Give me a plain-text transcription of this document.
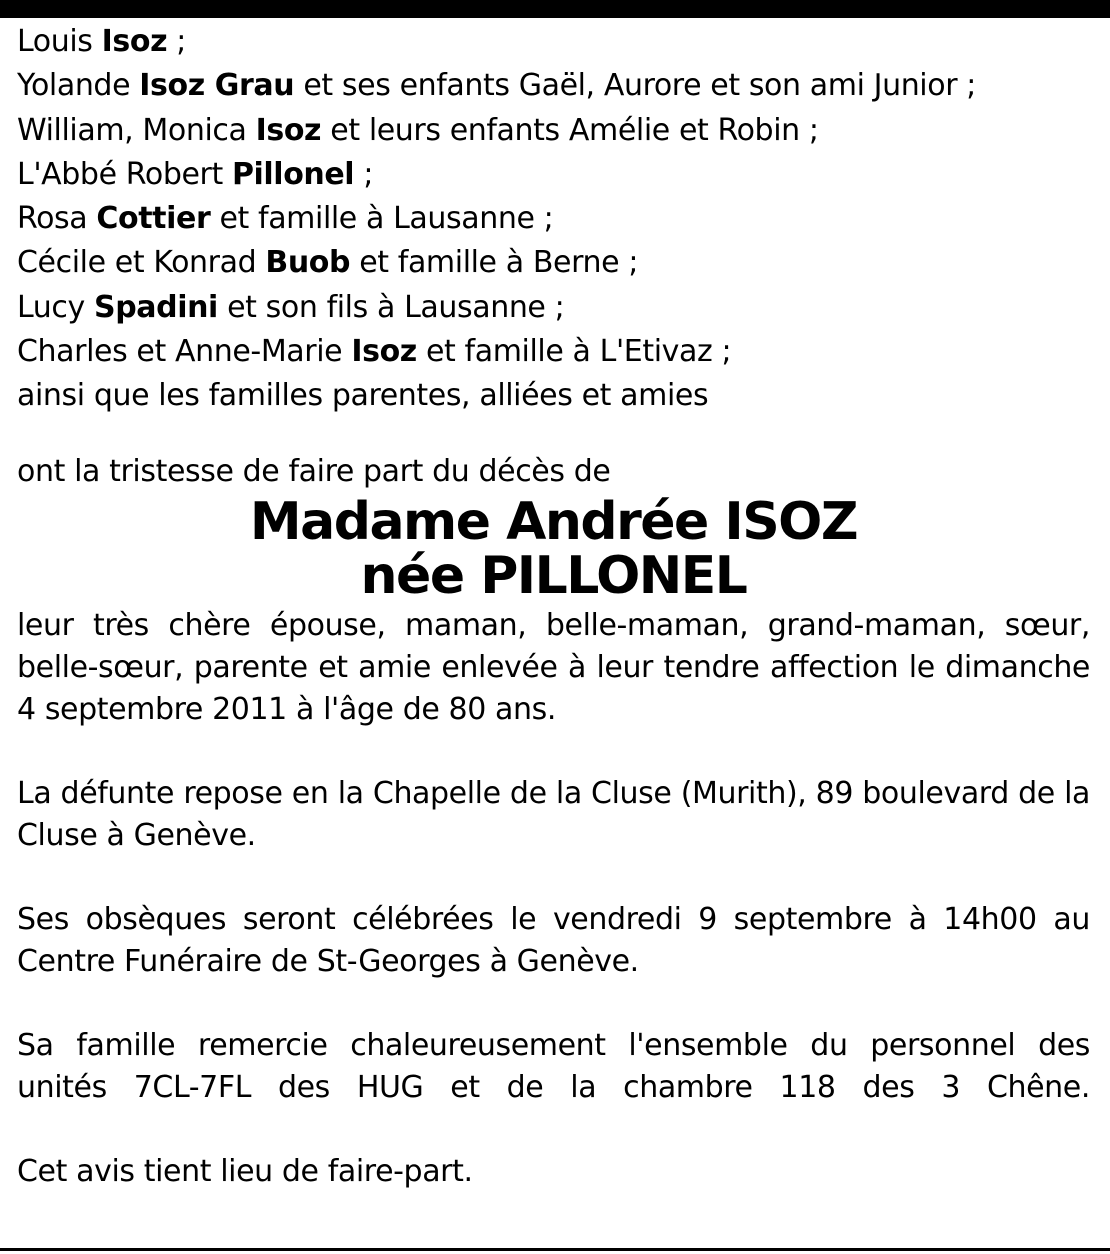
Louis Isoz ;
Yolande Isoz Grau et ses enfants Gaël, Aurore et son ami Junior ;
William, Monica Isoz et leurs enfants Amélie et Robin ;
L'Abbé Robert Pillonel ;
Rosa Cottier et famille à Lausanne ;
Cécile et Konrad Buob et famille à Berne ;
Lucy Spadini et son fils à Lausanne ;
Charles et Anne-Marie Isoz et famille à L'Etivaz ;
ainsi que les familles parentes, alliées et amies
ont la tristesse de faire part du décès de
Madame Andrée ISOZ
née PILLONEL
leur très chère épouse, maman, belle-maman, grand-maman, sœur, belle-sœur, parente et amie enlevée à leur tendre affection le dimanche 4 septembre 2011 à l'âge de 80 ans.
La défunte repose en la Chapelle de la Cluse (Murith), 89 boulevard de la Cluse à Genève.
Ses obsèques seront célébrées le vendredi 9 septembre à 14h00 au Centre Funéraire de St-Georges à Genève.
Sa famille remercie chaleureusement l'ensemble du personnel des unités 7CL-7FL des HUG et de la chambre 118 des 3 Chêne.
Cet avis tient lieu de faire-part.
